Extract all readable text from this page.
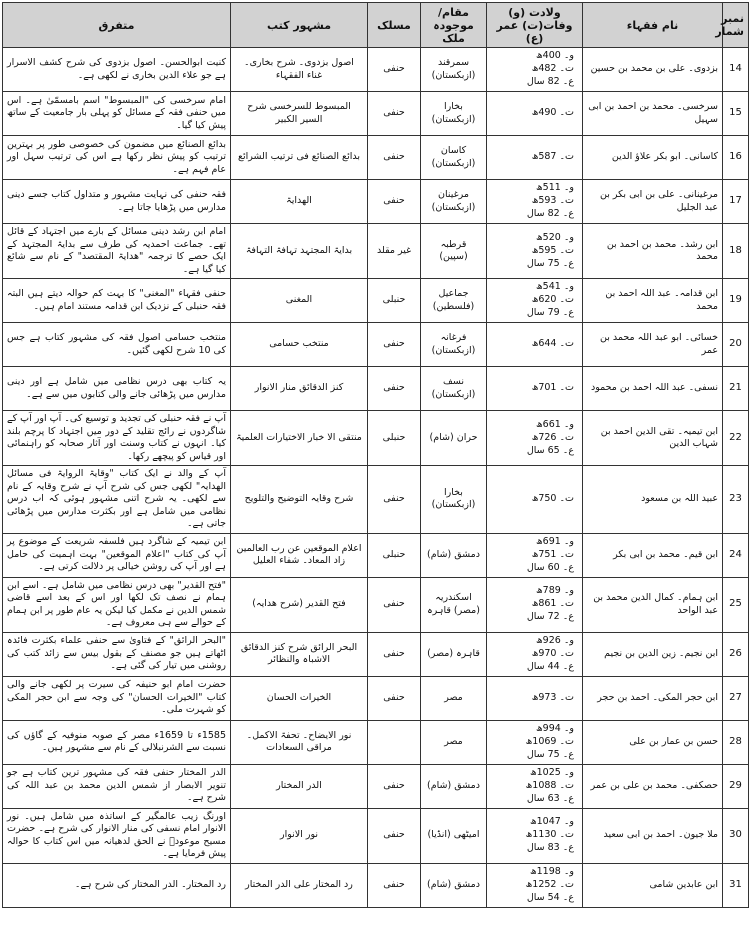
نمبر شمار	نام فقہاء	ولادت (و) وفات(ت) عمر (ع)	مقام/ موجودہ ملک	مسلک	مشہور کتب	متفرق
14	بزدوی۔ علی بن محمد بن حسین	و۔ 400ھ
ت۔ 482ھ
ع۔ 82 سال	سمرقند (ازبکستان)	حنفی	اصول بزدوی۔ شرح بخاری۔ غناء الفقہاء	کنیت ابوالحسن۔ اصول بزدوی کی شرح کشف الاسرار ہے جو علاء الدین بخاری نے لکھی ہے۔
15	سرخسی۔ محمد بن احمد بن ابی سہیل	ت۔ 490ھ	بخارا (ازبکستان)	حنفی	المبسوط للسرخسی شرح السیر الکبیر	امام سرخسی کی "المبسوط" اسم بامسمّیٰ ہے۔ اس میں حنفی فقہ کے مسائل کو پہلی بار جامعیت کے ساتھ پیش کیا گیا۔
16	کاسانی۔ ابو بکر علاؤ الدین	ت۔ 587ھ	کاسان (ازبکستان)	حنفی	بدائع الصنائع فی ترتیب الشرائع	بدائع الصنائع میں مضمون کی خصوصی طور پر بہترین ترتیب کو پیش نظر رکھا ہے اس کی ترتیب سہل اور عام فہم ہے۔
17	مرغینانی۔ علی بن ابی بکر بن عبد الجلیل	و۔ 511ھ
ت۔ 593ھ
ع۔ 82 سال	مرغینان (ازبکستان)	حنفی	الھدایۃ	فقہ حنفی کی نہایت مشہور و متداول کتاب جسے دینی مدارس میں پڑھایا جاتا ہے۔
18	ابن رشد۔ محمد بن احمد بن محمد	و۔ 520ھ
ت۔ 595ھ
ع۔ 75 سال	قرطبہ (سپین)	غیر مقلد	بدایۃ المجتہد تہافۃ التہافۃ	امام ابن رشد دینی مسائل کے بارے میں اجتہاد کے قائل تھے۔ جماعت احمدیہ کی طرف سے بدایۃ المجتہد کے ایک حصے کا ترجمہ "ھدایۃ المقتصد" کے نام سے شائع کیا گیا ہے۔
19	ابن قدامہ۔ عبد اللہ احمد بن محمد	و۔ 541ھ
ت۔ 620ھ
ع۔ 79 سال	جماعیل (فلسطین)	حنبلی	المغنی	حنفی فقہاء "المغنی" کا بہت کم حوالہ دیتے ہیں البتہ فقہ حنبلی کے نزدیک ابن قدامہ مستند امام ہیں۔
20	خسائی۔ ابو عبد اللہ محمد بن عمر	ت۔ 644ھ	فرغانہ (ازبکستان)	حنفی	منتخب حسامی	منتخب حسامی اصول فقہ کی مشہور کتاب ہے جس کی 10 شرح لکھی گئیں۔
21	نسفی۔ عبد اللہ احمد بن محمود	ت۔ 701ھ	نسف (ازبکستان)	حنفی	کنز الدقائق منار الانوار	یہ کتاب بھی درس نظامی میں شامل ہے اور دینی مدارس میں پڑھائی جانے والی کتابوں میں سے ہے۔
22	ابن تیمیہ۔ تقی الدین احمد بن شہاب الدین	و۔ 661ھ
ت۔ 726ھ
ع۔ 65 سال	حران (شام)	حنبلی	منتقی الا خبار الاختیارات العلمیۃ	آپ نے فقہ حنبلی کی تجدید و توسیع کی۔ آپ اور آپ کے شاگردوں نے رائج تقلید کے دور میں اجتہاد کا پرچم بلند کیا۔ انہوں نے کتاب وسنت اور آثار صحابہ کو راہنمائی اور قیاس کو پیچھے رکھا۔
23	عبید اللہ بن مسعود	ت۔ 750ھ	بخارا (ازبکستان)	حنفی	شرح وقایہ التوضیح والتلویح	آپ کے والد نے ایک کتاب "وقایۃ الروایۃ فی مسائل الھدایہ" لکھی جس کی شرح آپ نے شرح وقایہ کے نام سے لکھی۔ یہ شرح اتنی مشہور ہوئی کہ اب درس نظامی میں شامل ہے اور بکثرت مدارس میں پڑھائی جاتی ہے۔
24	ابن قیم۔ محمد بن ابی بکر	و۔ 691ھ
ت۔ 751ھ
ع۔ 60 سال	دمشق (شام)	حنبلی	اعلام الموقعین عن رب العالمین زاد المعاد۔ شفاء العلیل	ابن تیمیہ کے شاگرد ہیں فلسفہ شریعت کے موضوع پر آپ کی کتاب "اعلام الموقعین" بہت اہمیت کی حامل ہے اور آپ کی روشن خیالی پر دلالت کرتی ہے۔
25	ابن ہمام۔ کمال الدین محمد بن عبد الواحد	و۔ 789ھ
ت۔ 861ھ
ع۔ 72 سال	اسکندریہ (مصر) قاہرہ	حنفی	فتح القدیر (شرح ھدایہ)	"فتح القدیر" بھی درس نظامی میں شامل ہے۔ اسے ابن ہمام نے نصف تک لکھا اور اس کے بعد اسے قاضی شمس الدین نے مکمل کیا لیکن یہ عام طور پر ابن ہمام کے حوالے سے ہی معروف ہے۔
26	ابن نجیم۔ زین الدین بن نجیم	و۔ 926ھ
ت۔ 970ھ
ع۔ 44 سال	قاہرہ (مصر)	حنفی	البحر الرائق شرح کنز الدقائق الاشباہ والنظائر	"البحر الرائق" کے فتاویٰ سے حنفی علماء بکثرت فائدہ اٹھاتے ہیں جو مصنف کے بقول بیس سے زائد کتب کی روشنی میں تیار کی گئی ہے۔
27	ابن حجر المکی۔ احمد بن حجر	ت۔ 973ھ	مصر	حنفی	الخیرات الحسان	حضرت امام ابو حنیفہ کی سیرت پر لکھی جانے والی کتاب "الخیرات الحسان" کی وجہ سے ابن حجر المکی کو شہرت ملی۔
28	حسن بن عمار بن علی	و۔ 994ھ
ت۔ 1069ھ
ع۔ 75 سال	مصر		نور الایضاح۔ تحفۃ الاکمل۔ مراقی السعادات	1585ء تا 1659ء مصر کے صوبہ منوفیہ کے گاؤں کی نسبت سے الشرنبلالی کے نام سے مشہور ہیں۔
29	حصکفی۔ محمد بن علی بن عمر	و۔ 1025ھ
ت۔ 1088ھ
ع۔ 63 سال	دمشق (شام)	حنفی	الدر المختار	الدر المختار حنفی فقہ کی مشہور ترین کتاب ہے جو تنویر الابصار از شمس الدین محمد بن عبد اللہ کی شرح ہے۔
30	ملا جیون۔ احمد بن ابی سعید	و۔ 1047ھ
ت۔ 1130ھ
ع۔ 83 سال	امیٹھی (انڈیا)	حنفی	نور الانوار	اورنگ زیب عالمگیر کے اساتذہ میں شامل ہیں۔ نور الانوار امام نسفی کی منار الانوار کی شرح ہے۔ حضرت مسیح موعودؑ نے الحق لدھیانہ میں اس کتاب کا حوالہ پیش فرمایا ہے۔
31	ابن عابدین شامی	و۔ 1198ھ
ت۔ 1252ھ
ع۔ 54 سال	دمشق (شام)	حنفی	رد المختار علی الدر المختار	رد المختار۔ الدر المختار کی شرح ہے۔
